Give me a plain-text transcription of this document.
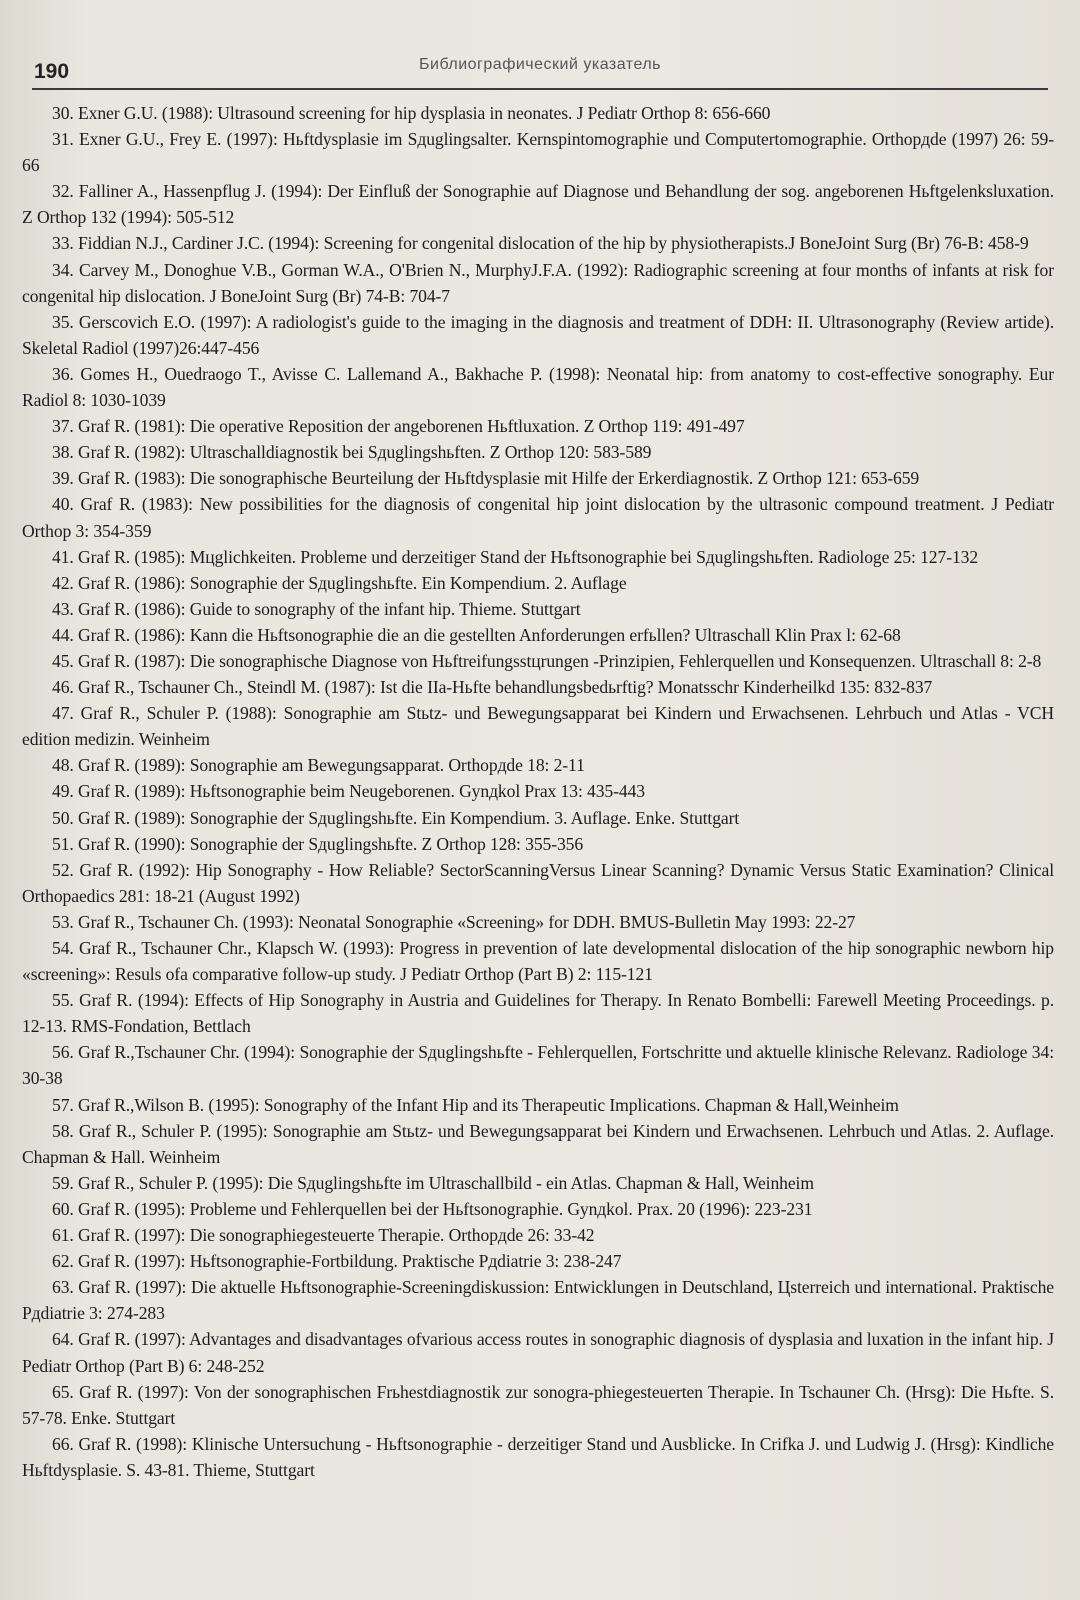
190	Библиографический указатель

30. Exner G.U. (1988): Ultrasound screening for hip dysplasia in neonates. J Pediatr Orthop 8: 656-660

31. Exner G.U., Frey E. (1997): Hьftdysplasie im Sдuglingsalter. Kernspintomographie und Computertomographie. Orthopдde (1997) 26: 59-66

32. Falliner A., Hassenpflug J. (1994): Der Einfluß der Sonographie auf Diagnose und Behandlung der sog. angeborenen Hьftgelenksluxation. Z Orthop 132 (1994): 505-512

33. Fiddian N.J., Cardiner J.C. (1994): Screening for congenital dislocation of the hip by physiotherapists.J BoneJoint Surg (Br) 76-B: 458-9

34. Carvey M., Donoghue V.B., Gorman W.A., O'Brien N., MurphyJ.F.A. (1992): Radiographic screening at four months of infants at risk for congenital hip dislocation. J BoneJoint Surg (Br) 74-B: 704-7

35. Gerscovich E.O. (1997): A radiologist's guide to the imaging in the diagnosis and treatment of DDH: II. Ultrasonography (Review artide). Skeletal Radiol (1997)26:447-456

36. Gomes H., Ouedraogo T., Avisse C. Lallemand A., Bakhache P. (1998): Neonatal hip: from anatomy to cost-effective sonography. Eur Radiol 8: 1030-1039

37. Graf R. (1981): Die operative Reposition der angeborenen Hьftluxation. Z Orthop 119: 491-497

38. Graf R. (1982): Ultraschalldiagnostik bei Sдuglingshьften. Z Orthop 120: 583-589

39. Graf R. (1983): Die sonographische Beurteilung der Hьftdysplasie mit Hilfe der Erkerdiagnostik. Z Orthop 121: 653-659

40. Graf R. (1983): New possibilities for the diagnosis of congenital hip joint dislocation by the ultrasonic compound treatment. J Pediatr Orthop 3: 354-359

41. Graf R. (1985): Mцglichkeiten. Probleme und derzeitiger Stand der Hьftsonographie bei Sдuglingshьften. Radiologe 25: 127-132

42. Graf R. (1986): Sonographie der Sдuglingshьfte. Ein Kompendium. 2. Auflage

43. Graf R. (1986): Guide to sonography of the infant hip. Thieme. Stuttgart

44. Graf R. (1986): Kann die Hьftsonographie die an die gestellten Anforderungen erfьllen? Ultraschall Klin Prax l: 62-68

45. Graf R. (1987): Die sonographische Diagnose von Hьftreifungsstцrungen -Prinzipien, Fehlerquellen und Konsequenzen. Ultraschall 8: 2-8

46. Graf R., Tschauner Ch., Steindl M. (1987): Ist die IIa-Hьfte behandlungsbedьrftig? Monatsschr Kinderheilkd 135: 832-837

47. Graf R., Schuler P. (1988): Sonographie am Stьtz- und Bewegungsapparat bei Kindern und Erwachsenen. Lehrbuch und Atlas - VCH edition medizin. Weinheim

48. Graf R. (1989): Sonographie am Bewegungsapparat. Orthopдde 18: 2-11

49. Graf R. (1989): Hьftsonographie beim Neugeborenen. Gynдkol Prax 13: 435-443

50. Graf R. (1989): Sonographie der Sдuglingshьfte. Ein Kompendium. 3. Auflage. Enke. Stuttgart

51. Graf R. (1990): Sonographie der Sдuglingshьfte. Z Orthop 128: 355-356

52. Graf R. (1992): Hip Sonography - How Reliable? SectorScanningVersus Linear Scanning? Dynamic Versus Static Examination? Clinical Orthopaedics 281: 18-21 (August 1992)

53. Graf R., Tschauner Ch. (1993): Neonatal Sonographie «Screening» for DDH. BMUS-Bulletin May 1993: 22-27

54. Graf R., Tschauner Chr., Klapsch W. (1993): Progress in prevention of late developmental dislocation of the hip sonographic newborn hip «screening»: Resuls ofa comparative follow-up study. J Pediatr Orthop (Part B) 2: 115-121

55. Graf R. (1994): Effects of Hip Sonography in Austria and Guidelines for Therapy. In Renato Bombelli: Farewell Meeting Proceedings. p. 12-13. RMS-Fondation, Bettlach

56. Graf R.,Tschauner Chr. (1994): Sonographie der Sдuglingshьfte - Fehlerquellen, Fortschritte und aktuelle klinische Relevanz. Radiologe 34: 30-38

57. Graf R.,Wilson B. (1995): Sonography of the Infant Hip and its Therapeutic Implications. Chapman & Hall,Weinheim

58. Graf R., Schuler P. (1995): Sonographie am Stьtz- und Bewegungsapparat bei Kindern und Erwachsenen. Lehrbuch und Atlas. 2. Auflage. Chapman & Hall. Weinheim

59. Graf R., Schuler P. (1995): Die Sдuglingshьfte im Ultraschallbild - ein Atlas. Chapman & Hall, Weinheim

60. Graf R. (1995): Probleme und Fehlerquellen bei der Hьftsonographie. Gynдkol. Prax. 20 (1996): 223-231

61. Graf R. (1997): Die sonographiegesteuerte Therapie. Orthopдde 26: 33-42

62. Graf R. (1997): Hьftsonographie-Fortbildung. Praktische Pдdiatrie 3: 238-247

63. Graf R. (1997): Die aktuelle Hьftsonographie-Screeningdiskussion: Entwicklungen in Deutschland, Цsterreich und international. Praktische Pдdiatrie 3: 274-283

64. Graf R. (1997): Advantages and disadvantages ofvarious access routes in sonographic diagnosis of dysplasia and luxation in the infant hip. J Pediatr Orthop (Part B) 6: 248-252

65. Graf R. (1997): Von der sonographischen Frьhestdiagnostik zur sonogra-phiegesteuerten Therapie. In Tschauner Ch. (Hrsg): Die Hьfte. S. 57-78. Enke. Stuttgart

66. Graf R. (1998): Klinische Untersuchung - Hьftsonographie - derzeitiger Stand und Ausblicke. In Crifka J. und Ludwig J. (Hrsg): Kindliche Hьftdysplasie. S. 43-81. Thieme, Stuttgart
